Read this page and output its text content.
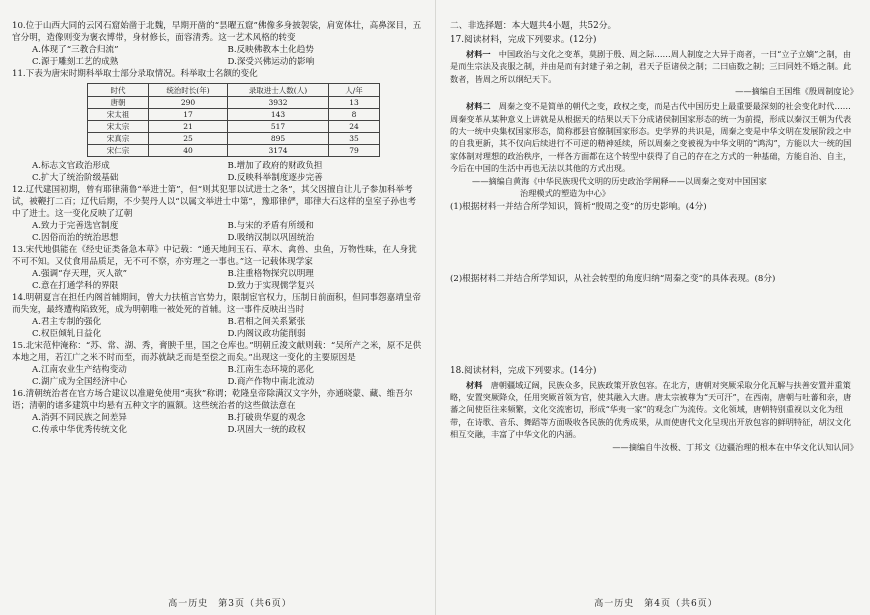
10.位于山西大同的云冈石窟始凿于北魏，早期开凿的“昙曜五窟”佛像多身披袈裟，肩宽体壮，高鼻深目，五官分明，造像则变为褒衣博带，身材修长，面容清秀。这一艺术风格的转变

A.体现了“三教合归流”	B.反映佛教本土化趋势
C.源于雕刻工艺的成熟	D.深受兴佛运动的影响

11.下表为唐宋时期科举取士部分录取情况。科举取士名额的变化

时代	统治时长(年)	录取进士人数(人)	人/年
唐朝	290	3932	13
宋太祖	17	143	8
宋太宗	21	517	24
宋真宗	25	895	35
宋仁宗	40	3174	79
A.标志文官政治形成	B.增加了政府的财政负担
C.扩大了统治阶级基础	D.反映科举制度逐步完善

12.辽代建国初期，曾有耶律蒲鲁“举进士第”，但“则其犯罪以试进士之条”，其父因擅自让儿子参加科举考试，被鞭打二百；辽代后期，不少契丹人以“以属文举进士中第”，豫耶律俨，耶律大石这样的皇室子孙也考中了进士。这一变化反映了辽朝

A.致力于完善选官制度	B.与宋的矛盾有所缓和
C.因俗而治的统治思想	D.吸纳汉制以巩固统治

13.宋代地俱能在《经史证类备急本草》中记载：“通天地间玉石、草木、禽兽、虫鱼，万物性味，在人身犹不可不知。又仗食用品质足，无不可不察，亦穷理之一事也。”这一记载体现学家

A.强调“存天理，灭人欲”	B.注重格物探究以明理
C.意在打通学科的界限	D.致力于实现儒学复兴

14.明朝夏言在担任内阁首辅期间，曾大力扶植言官势力，限制宦官权力，压制日前面积，但同事怨嘉靖皇帝而失宠，最终遭构陷致死，成为明朝唯一被处死的首辅。这一事件反映出当时

A.君主专制的强化	B.君相之间关系紧张
C.权臣倾轧日益化	D.内阁议政功能削弱

15.北宋范仲淹称：“苏、常、湖、秀，膏腴千里，国之仓库也。”明朝丘浚文献则载：“吴所产之米，原不足供本地之用，若江广之米不时而至，而苏就缺乏而是至偿之而矣。”出现这一变化的主要原因是

A.江南农业生产结构变动	B.江南生态环境的恶化
C.湖广成为全国经济中心	D.商产作物中南北流动

16.清朝统治者在官方场合建议以准避免使用“夷狄”称谓；乾隆皇帝除满汉文字外，亦通晓蒙、藏、维吾尔语；清朝的诸多建筑中均悬有五种文字的匾额。这些统治者的这些做法意在

A.消弭不同民族之间差异	B.打破贵华夏的观念
C.传承中华优秀传统文化	D.巩固大一统的政权
高一历史　第3页（共6页）

二、非选择题：本大题共4小题，共52分。

17.阅读材料，完成下列要求。(12分)

材料一  中国政治与文化之变革，莫剧于殷、周之际……周人制度之大异于商者，一曰“立子立嫡”之制，由是而生宗法及丧服之制，并由是而有封建子弟之制，君天子臣诸侯之制；二曰庙数之制；三曰同姓不婚之制。此数者，皆周之所以纲纪天下。

——摘编自王国维《殷周制度论》

材料二  周秦之变不是简单的朝代之变，政权之变，而是古代中国历史上最重要最深刻的社会变化时代……周秦变革从某种意义上讲就是从根据天的结果以天下分成诸侯制国家形态的统一为前提，形成以秦汉王朝为代表的大一统中央集权国家形态，简称郡县官僚制国家形态。史学界的共识是，周秦之变是中华文明在发展阶段之中的自我更新，其不仅向后续进行不可逆的精神延续，所以周秦之变被视为中华文明的“鸿沟”，方能以大一统的国家体制对理想的政治秩序，一样各方面都在这个转型中获得了自己的存在之方式的一种基础，方能自治、自主，今后在中国的生活中再也无法以其他的方式出现。

——摘编自黄海《中华民族现代文明的历史政治学阐释——以周秦之变对中国国家

治理模式的塑造为中心》

(1)根据材料一并结合所学知识，简析“殷周之变”的历史影响。(4分)

(2)根据材料二并结合所学知识，从社会转型的角度归纳“周秦之变”的具体表现。(8分)

18.阅读材料，完成下列要求。(14分)

材料  唐朝疆域辽阔，民族众多，民族政策开放包容。在北方，唐朝对突厥采取分化瓦解与扶善安置并重策略，安置突厥降众，任用突厥首领为官，使其融入大唐。唐太宗被尊为“天可汗”，在西南，唐朝与吐蕃和亲，唐蕃之间使臣往来频繁，文化交流密切，形成“华夷一家”的观念广为流传。文化领域，唐朝特别重视以文化为纽带，在诗歌、音乐、舞蹈等方面吸收各民族的优秀成果，从而使唐代文化呈现出开放包容的鲜明特征，胡汉文化相互交融，丰富了中华文化的内涵。

——摘编自牛汝极、丁邦文《边疆治理的根本在中华文化认知认同》

高一历史　第4页（共6页）
